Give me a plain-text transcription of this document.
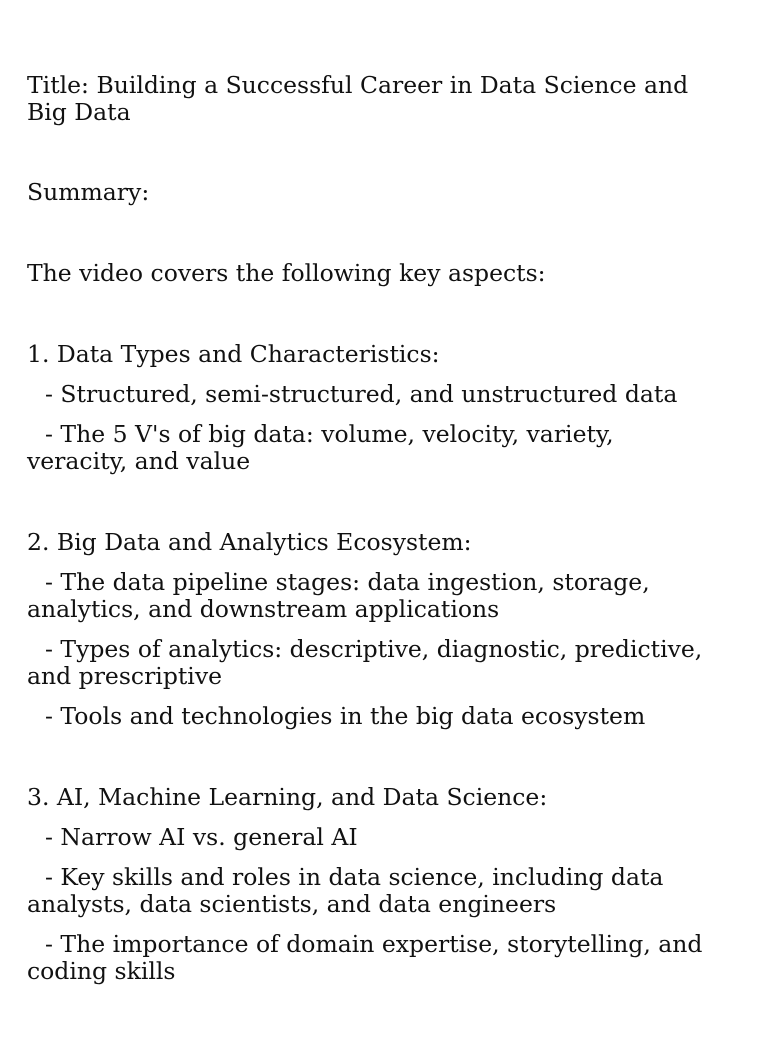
Title: Building a Successful Career in Data Science and Big Data

Summary:

The video covers the following key aspects:

1. Data Types and Characteristics:

- Structured, semi-structured, and unstructured data

- The 5 V's of big data: volume, velocity, variety, veracity, and value

2. Big Data and Analytics Ecosystem:

- The data pipeline stages: data ingestion, storage, analytics, and downstream applications

- Types of analytics: descriptive, diagnostic, predictive, and prescriptive

- Tools and technologies in the big data ecosystem

3. AI, Machine Learning, and Data Science:

- Narrow AI vs. general AI

- Key skills and roles in data science, including data analysts, data scientists, and data engineers

- The importance of domain expertise, storytelling, and coding skills
